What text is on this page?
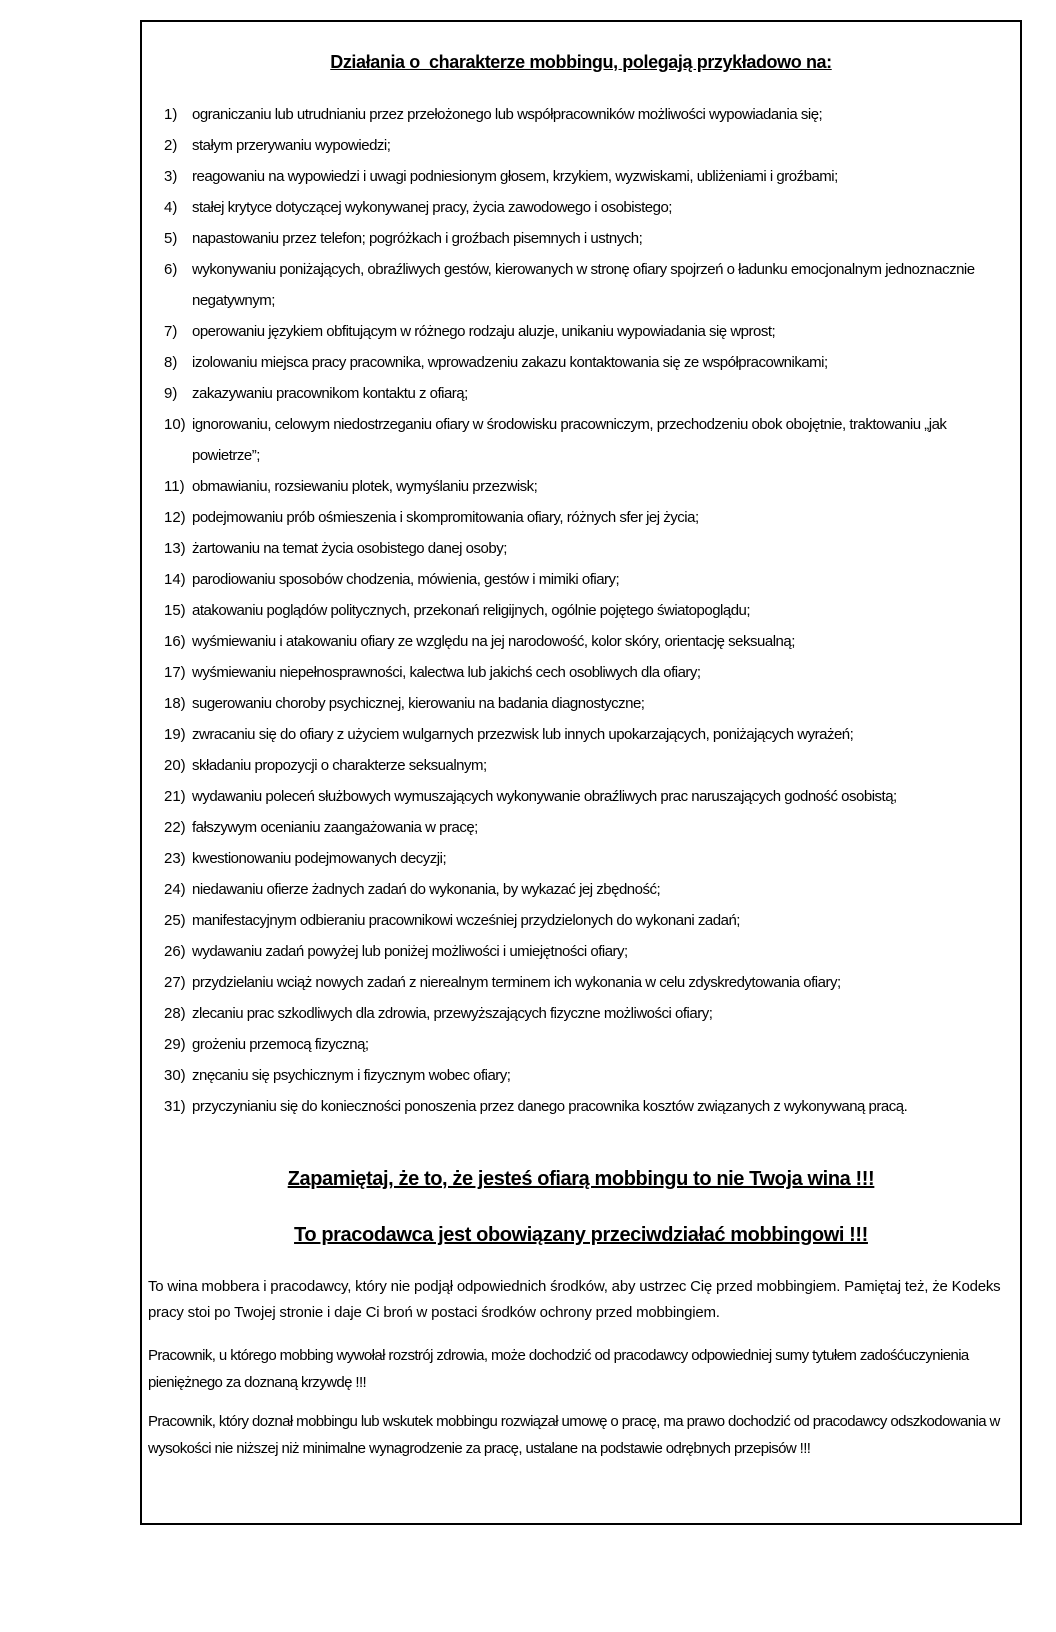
Działania o  charakterze mobbingu, polegają przykładowo na:
1) ograniczaniu lub utrudnianiu przez przełożonego lub współpracowników możliwości wypowiadania się;
2) stałym przerywaniu wypowiedzi;
3) reagowaniu na wypowiedzi i uwagi podniesionym głosem, krzykiem, wyzwiskami, ubliżeniami i groźbami;
4) stałej krytyce dotyczącej wykonywanej pracy, życia zawodowego i osobistego;
5) napastowaniu przez telefon; pogróżkach i groźbach pisemnych i ustnych;
6) wykonywaniu poniżających, obraźliwych gestów, kierowanych w stronę ofiary spojrzeń o ładunku emocjonalnym jednoznacznie negatywnym;
7) operowaniu językiem obfitującym w różnego rodzaju aluzje, unikaniu wypowiadania się wprost;
8) izolowaniu miejsca pracy pracownika, wprowadzeniu zakazu kontaktowania się ze współpracownikami;
9) zakazywaniu pracownikom kontaktu z ofiarą;
10) ignorowaniu, celowym niedostrzeganiu ofiary w środowisku pracowniczym, przechodzeniu obok obojętnie, traktowaniu „jak powietrze”;
11) obmawianiu, rozsiewaniu plotek, wymyślaniu przezwisk;
12) podejmowaniu prób ośmieszenia i skompromitowania ofiary, różnych sfer jej życia;
13) żartowaniu na temat życia osobistego danej osoby;
14) parodiowaniu sposobów chodzenia, mówienia, gestów i mimiki ofiary;
15) atakowaniu poglądów politycznych, przekonań religijnych, ogólnie pojętego światopoglądu;
16) wyśmiewaniu i atakowaniu ofiary ze względu na jej narodowość, kolor skóry, orientację seksualną;
17) wyśmiewaniu niepełnosprawności, kalectwa lub jakichś cech osobliwych dla ofiary;
18) sugerowaniu choroby psychicznej, kierowaniu na badania diagnostyczne;
19) zwracaniu się do ofiary z użyciem wulgarnych przezwisk lub innych upokarzających, poniżających wyrażeń;
20) składaniu propozycji o charakterze seksualnym;
21) wydawaniu poleceń służbowych wymuszających wykonywanie obraźliwych prac naruszających godność osobistą;
22) fałszywym ocenianiu zaangażowania w pracę;
23) kwestionowaniu podejmowanych decyzji;
24) niedawaniu ofierze żadnych zadań do wykonania, by wykazać jej zbędność;
25) manifestacyjnym odbieraniu pracownikowi wcześniej przydzielonych do wykonani zadań;
26) wydawaniu zadań powyżej lub poniżej możliwości i umiejętności ofiary;
27) przydzielaniu wciąż nowych zadań z nierealnym terminem ich wykonania w celu zdyskredytowania ofiary;
28) zlecaniu prac szkodliwych dla zdrowia, przewyższających fizyczne możliwości ofiary;
29) grożeniu przemocą fizyczną;
30) znęcaniu się psychicznym i fizycznym wobec ofiary;
31) przyczynianiu się do konieczności ponoszenia przez danego pracownika kosztów związanych z wykonywaną pracą.
Zapamiętaj, że to, że jesteś ofiarą mobbingu to nie Twoja wina !!!
To pracodawca jest obowiązany przeciwdziałać mobbingowi !!!
To wina mobbera i pracodawcy, który nie podjął odpowiednich środków, aby ustrzec Cię przed mobbingiem. Pamiętaj też, że Kodeks pracy stoi po Twojej stronie i daje Ci broń w postaci środków ochrony przed mobbingiem.
Pracownik, u którego mobbing wywołał rozstrój zdrowia, może dochodzić od pracodawcy odpowiedniej sumy tytułem zadośćuczynienia pieniężnego za doznaną krzywdę !!!
Pracownik, który doznał mobbingu lub wskutek mobbingu rozwiązał umowę o pracę, ma prawo dochodzić od pracodawcy odszkodowania w wysokości nie niższej niż minimalne wynagrodzenie za pracę, ustalane na podstawie odrębnych przepisów !!!
